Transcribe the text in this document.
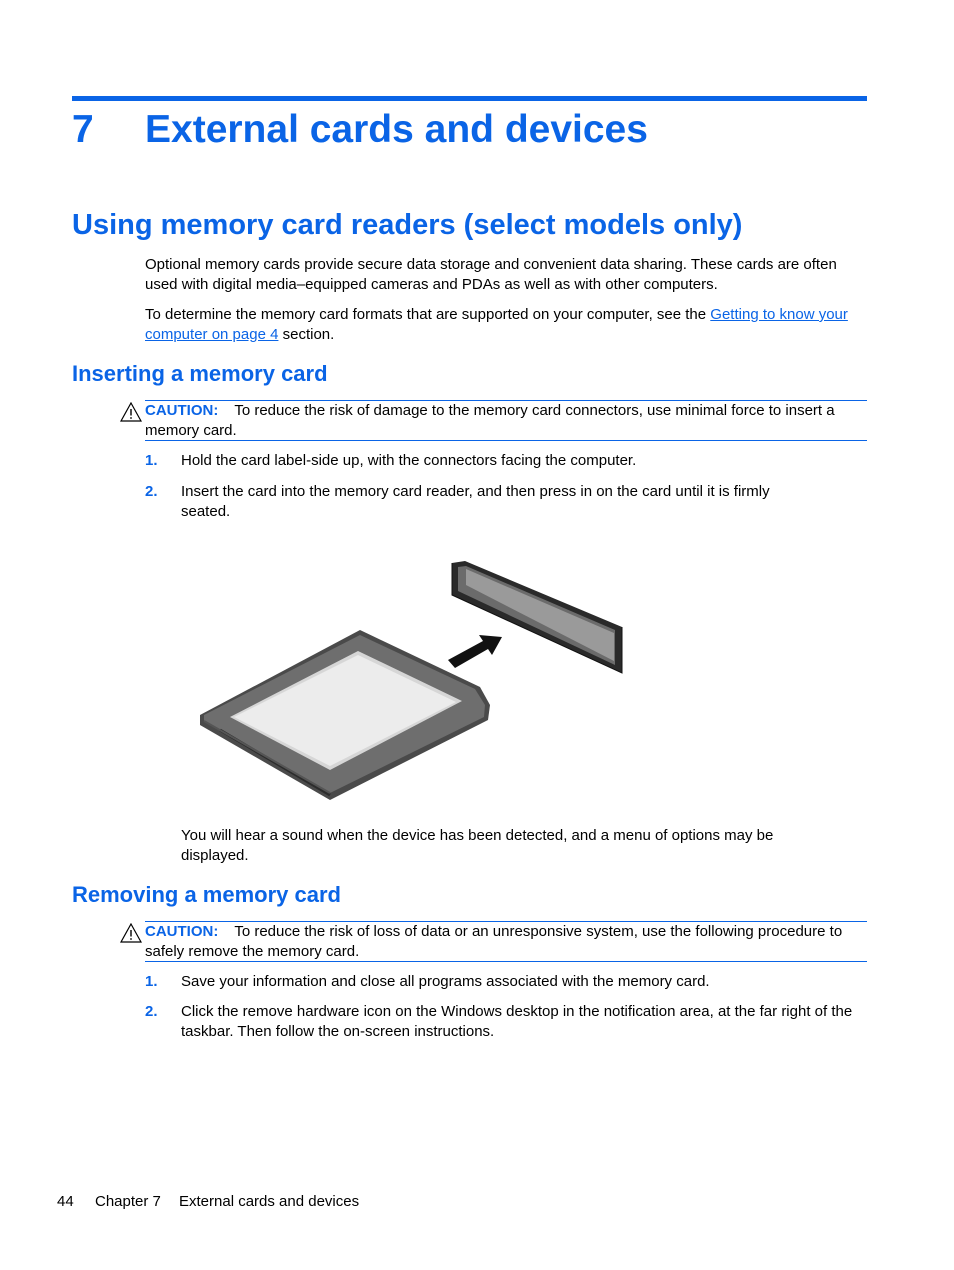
7 External cards and devices
Using memory card readers (select models only)
Optional memory cards provide secure data storage and convenient data sharing. These cards are often used with digital media–equipped cameras and PDAs as well as with other computers.
To determine the memory card formats that are supported on your computer, see the Getting to know your computer on page 4 section.
Inserting a memory card
CAUTION: To reduce the risk of damage to the memory card connectors, use minimal force to insert a memory card.
1. Hold the card label-side up, with the connectors facing the computer.
2. Insert the card into the memory card reader, and then press in on the card until it is firmly seated.
You will hear a sound when the device has been detected, and a menu of options may be displayed.
Removing a memory card
CAUTION: To reduce the risk of loss of data or an unresponsive system, use the following procedure to safely remove the memory card.
1. Save your information and close all programs associated with the memory card.
2. Click the remove hardware icon on the Windows desktop in the notification area, at the far right of the taskbar. Then follow the on-screen instructions.
44 Chapter 7 External cards and devices
